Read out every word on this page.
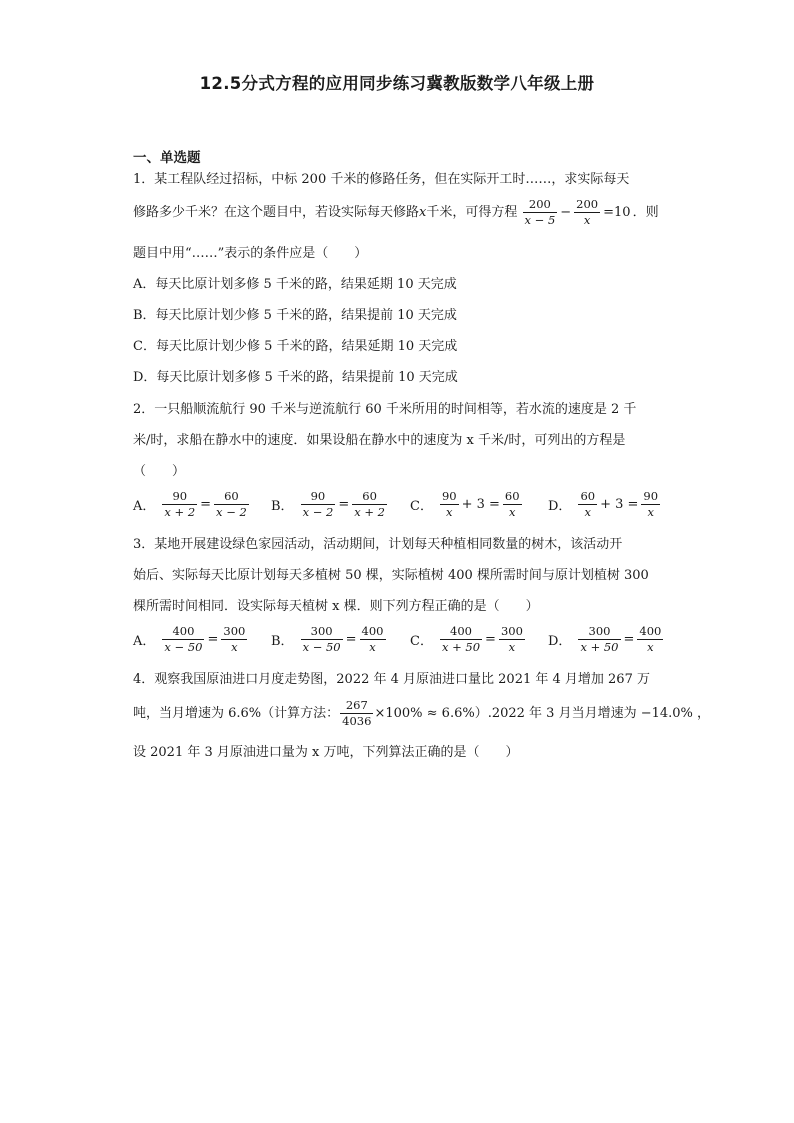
12.5分式方程的应用同步练习冀教版数学八年级上册
一、单选题
1．某工程队经过招标，中标 200 千米的修路任务，但在实际开工时……，求实际每天
修路多少千米？在这个题目中，若设实际每天修路x千米，可得方程 $\frac{200}{x - 5} - \frac{200}{x} =10$ ．则
题目中用“……”表示的条件应是（　　）
A．每天比原计划多修 5 千米的路，结果延期 10 天完成
B．每天比原计划少修 5 千米的路，结果提前 10 天完成
C．每天比原计划少修 5 千米的路，结果延期 10 天完成
D．每天比原计划多修 5 千米的路，结果提前 10 天完成
2．一只船顺流航行 90 千米与逆流航行 60 千米所用的时间相等，若水流的速度是 2 千
米/时，求船在静水中的速度．如果设船在静水中的速度为 x 千米/时，可列出的方程是
（　　）
A． $\frac{90}{x + 2} = \frac{60}{x - 2}$ B． $\frac{90}{x - 2} = \frac{60}{x + 2}$ C． $\frac{90}{x} + 3 = \frac{60}{x}$ D． $\frac{60}{x} + 3 = \frac{90}{x}$
3．某地开展建设绿色家园活动，活动期间，计划每天种植相同数量的树木，该活动开
始后、实际每天比原计划每天多植树 50 棵，实际植树 400 棵所需时间与原计划植树 300
棵所需时间相同．设实际每天植树 x 棵．则下列方程正确的是（　　）
A． $\frac{400}{x - 50} = \frac{300}{x}$ B． $\frac{300}{x - 50} = \frac{400}{x}$ C． $\frac{400}{x + 50} = \frac{300}{x}$ D． $\frac{300}{x + 50} = \frac{400}{x}$
4．观察我国原油进口月度走势图，2022 年 4 月原油进口量比 2021 年 4 月增加 267 万
吨，当月增速为 6.6%（计算方法： $\frac{267}{4036} \times 100\% \approx 6.6\%).2022$ 年 3 月当月增速为 −14.0% ，
设 2021 年 3 月原油进口量为 x 万吨，下列算法正确的是（　　）
